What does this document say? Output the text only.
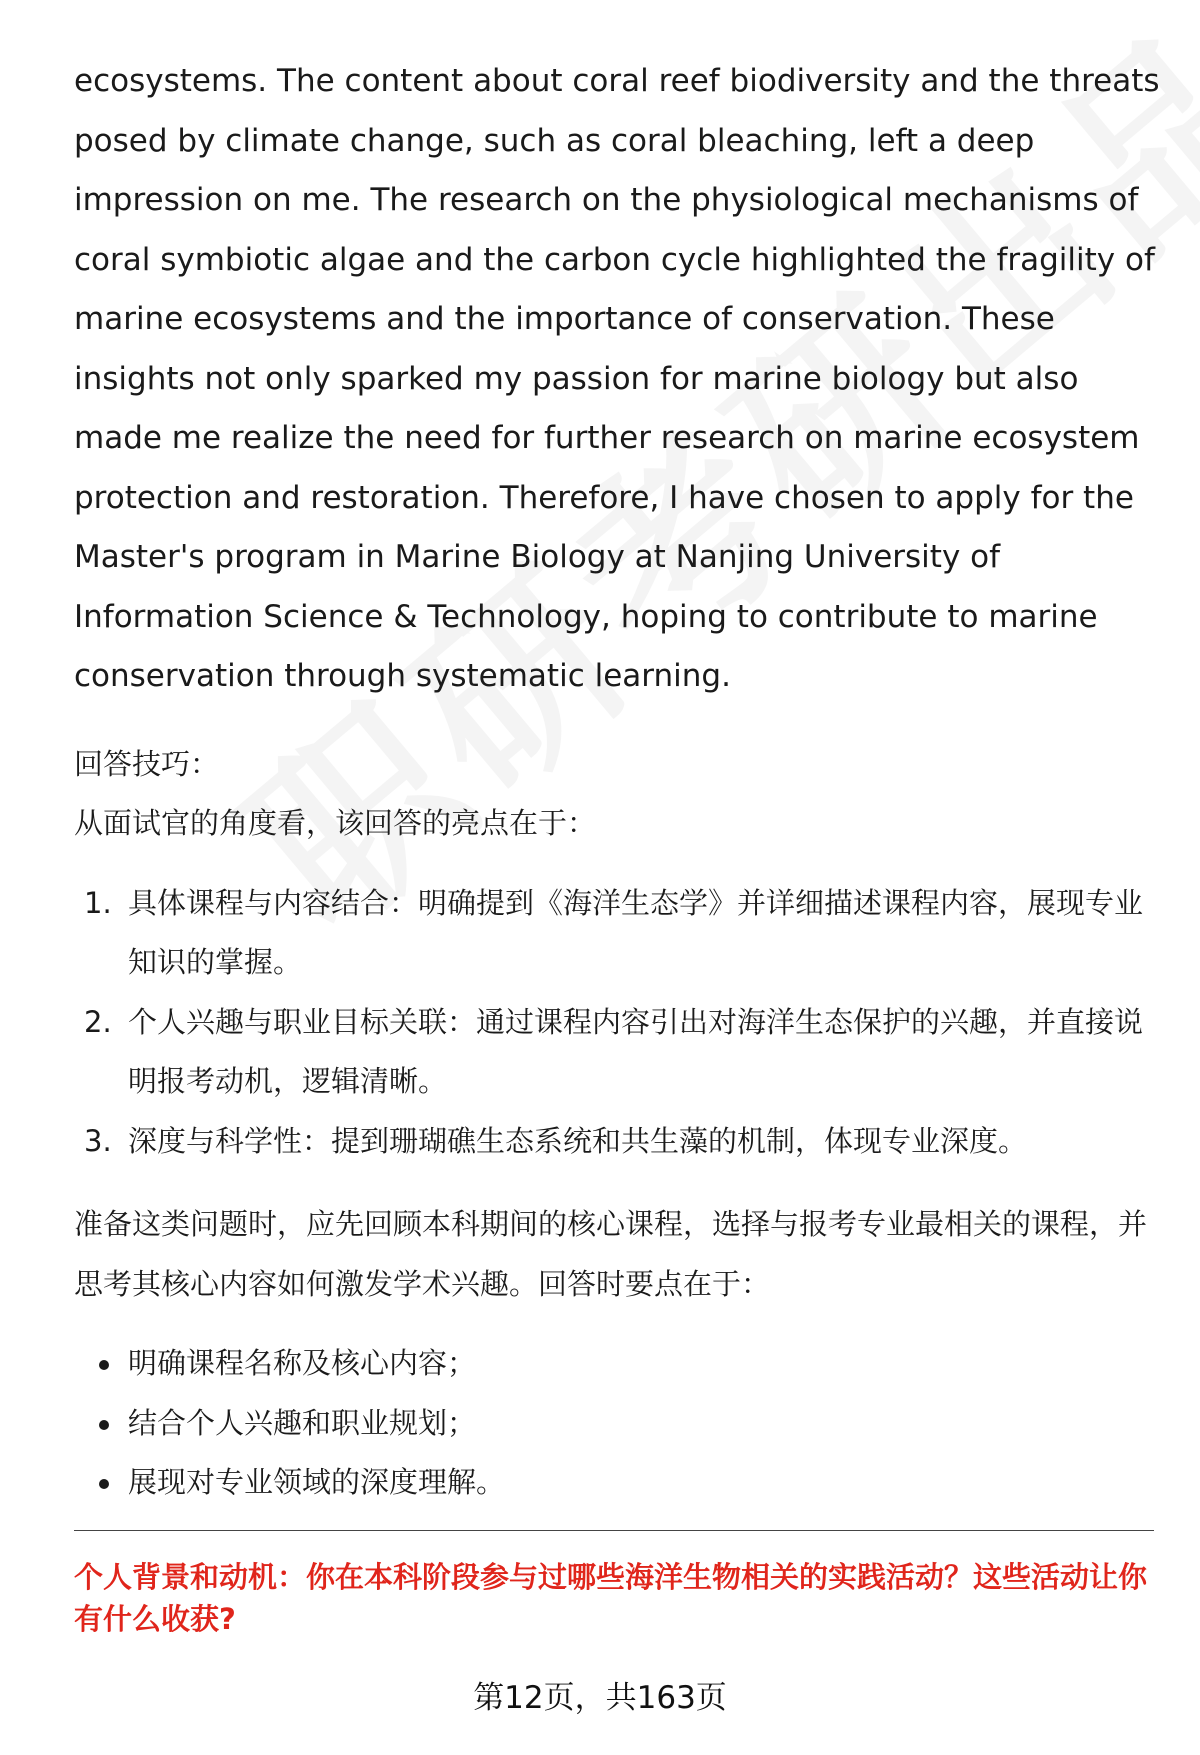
ecosystems. The content about coral reef biodiversity and the threats posed by climate change, such as coral bleaching, left a deep impression on me. The research on the physiological mechanisms of coral symbiotic algae and the carbon cycle highlighted the fragility of marine ecosystems and the importance of conservation. These insights not only sparked my passion for marine biology but also made me realize the need for further research on marine ecosystem protection and restoration. Therefore, I have chosen to apply for the Master's program in Marine Biology at Nanjing University of Information Science & Technology, hoping to contribute to marine conservation through systematic learning.

回答技巧：

从面试官的角度看，该回答的亮点在于：

1. 具体课程与内容结合：明确提到《海洋生态学》并详细描述课程内容，展现专业知识的掌握。
2. 个人兴趣与职业目标关联：通过课程内容引出对海洋生态保护的兴趣，并直接说明报考动机，逻辑清晰。
3. 深度与科学性：提到珊瑚礁生态系统和共生藻的机制，体现专业深度。

准备这类问题时，应先回顾本科期间的核心课程，选择与报考专业最相关的课程，并思考其核心内容如何激发学术兴趣。回答时要点在于：

明确课程名称及核心内容；
结合个人兴趣和职业规划；
展现对专业领域的深度理解。

个人背景和动机：你在本科阶段参与过哪些海洋生物相关的实践活动？这些活动让你有什么收获?

第12页，共163页
